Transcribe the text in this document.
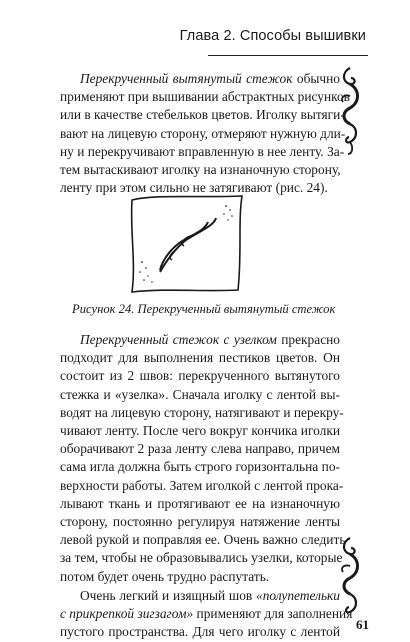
Глава 2. Способы вышивки

Перекрученный вытянутый стежок обычно
применяют при вышивании абстрактных рисунков
или в качестве стебельков цветов. Иголку вытяги-
вают на лицевую сторону, отмеряют нужную дли-
ну и перекручивают вправленную в нее ленту. За-
тем вытаскивают иголку на изнаночную сторону,
ленту при этом сильно не затягивают (рис. 24).

Рисунок 24. Перекрученный вытянутый стежок

Перекрученный стежок с узелком прекрасно
подходит для выполнения пестиков цветов. Он
состоит из 2 швов: перекрученного вытянутого
стежка и «узелка». Сначала иголку с лентой вы-
водят на лицевую сторону, натягивают и перекру-
чивают ленту. После чего вокруг кончика иголки
оборачивают 2 раза ленту слева направо, причем
сама игла должна быть строго горизонтальна по-
верхности работы. Затем иголкой с лентой прока-
лывают ткань и протягивают ее на изнаночную
сторону, постоянно регулируя натяжение ленты
левой рукой и поправляя ее. Очень важно следить
за тем, чтобы не образовывались узелки, которые
потом будет очень трудно распутать.

Очень легкий и изящный шов «полупетельки
с прикрепкой зигзагом» применяют для заполнения
пустого пространства. Для чего иголку с лентой 61
